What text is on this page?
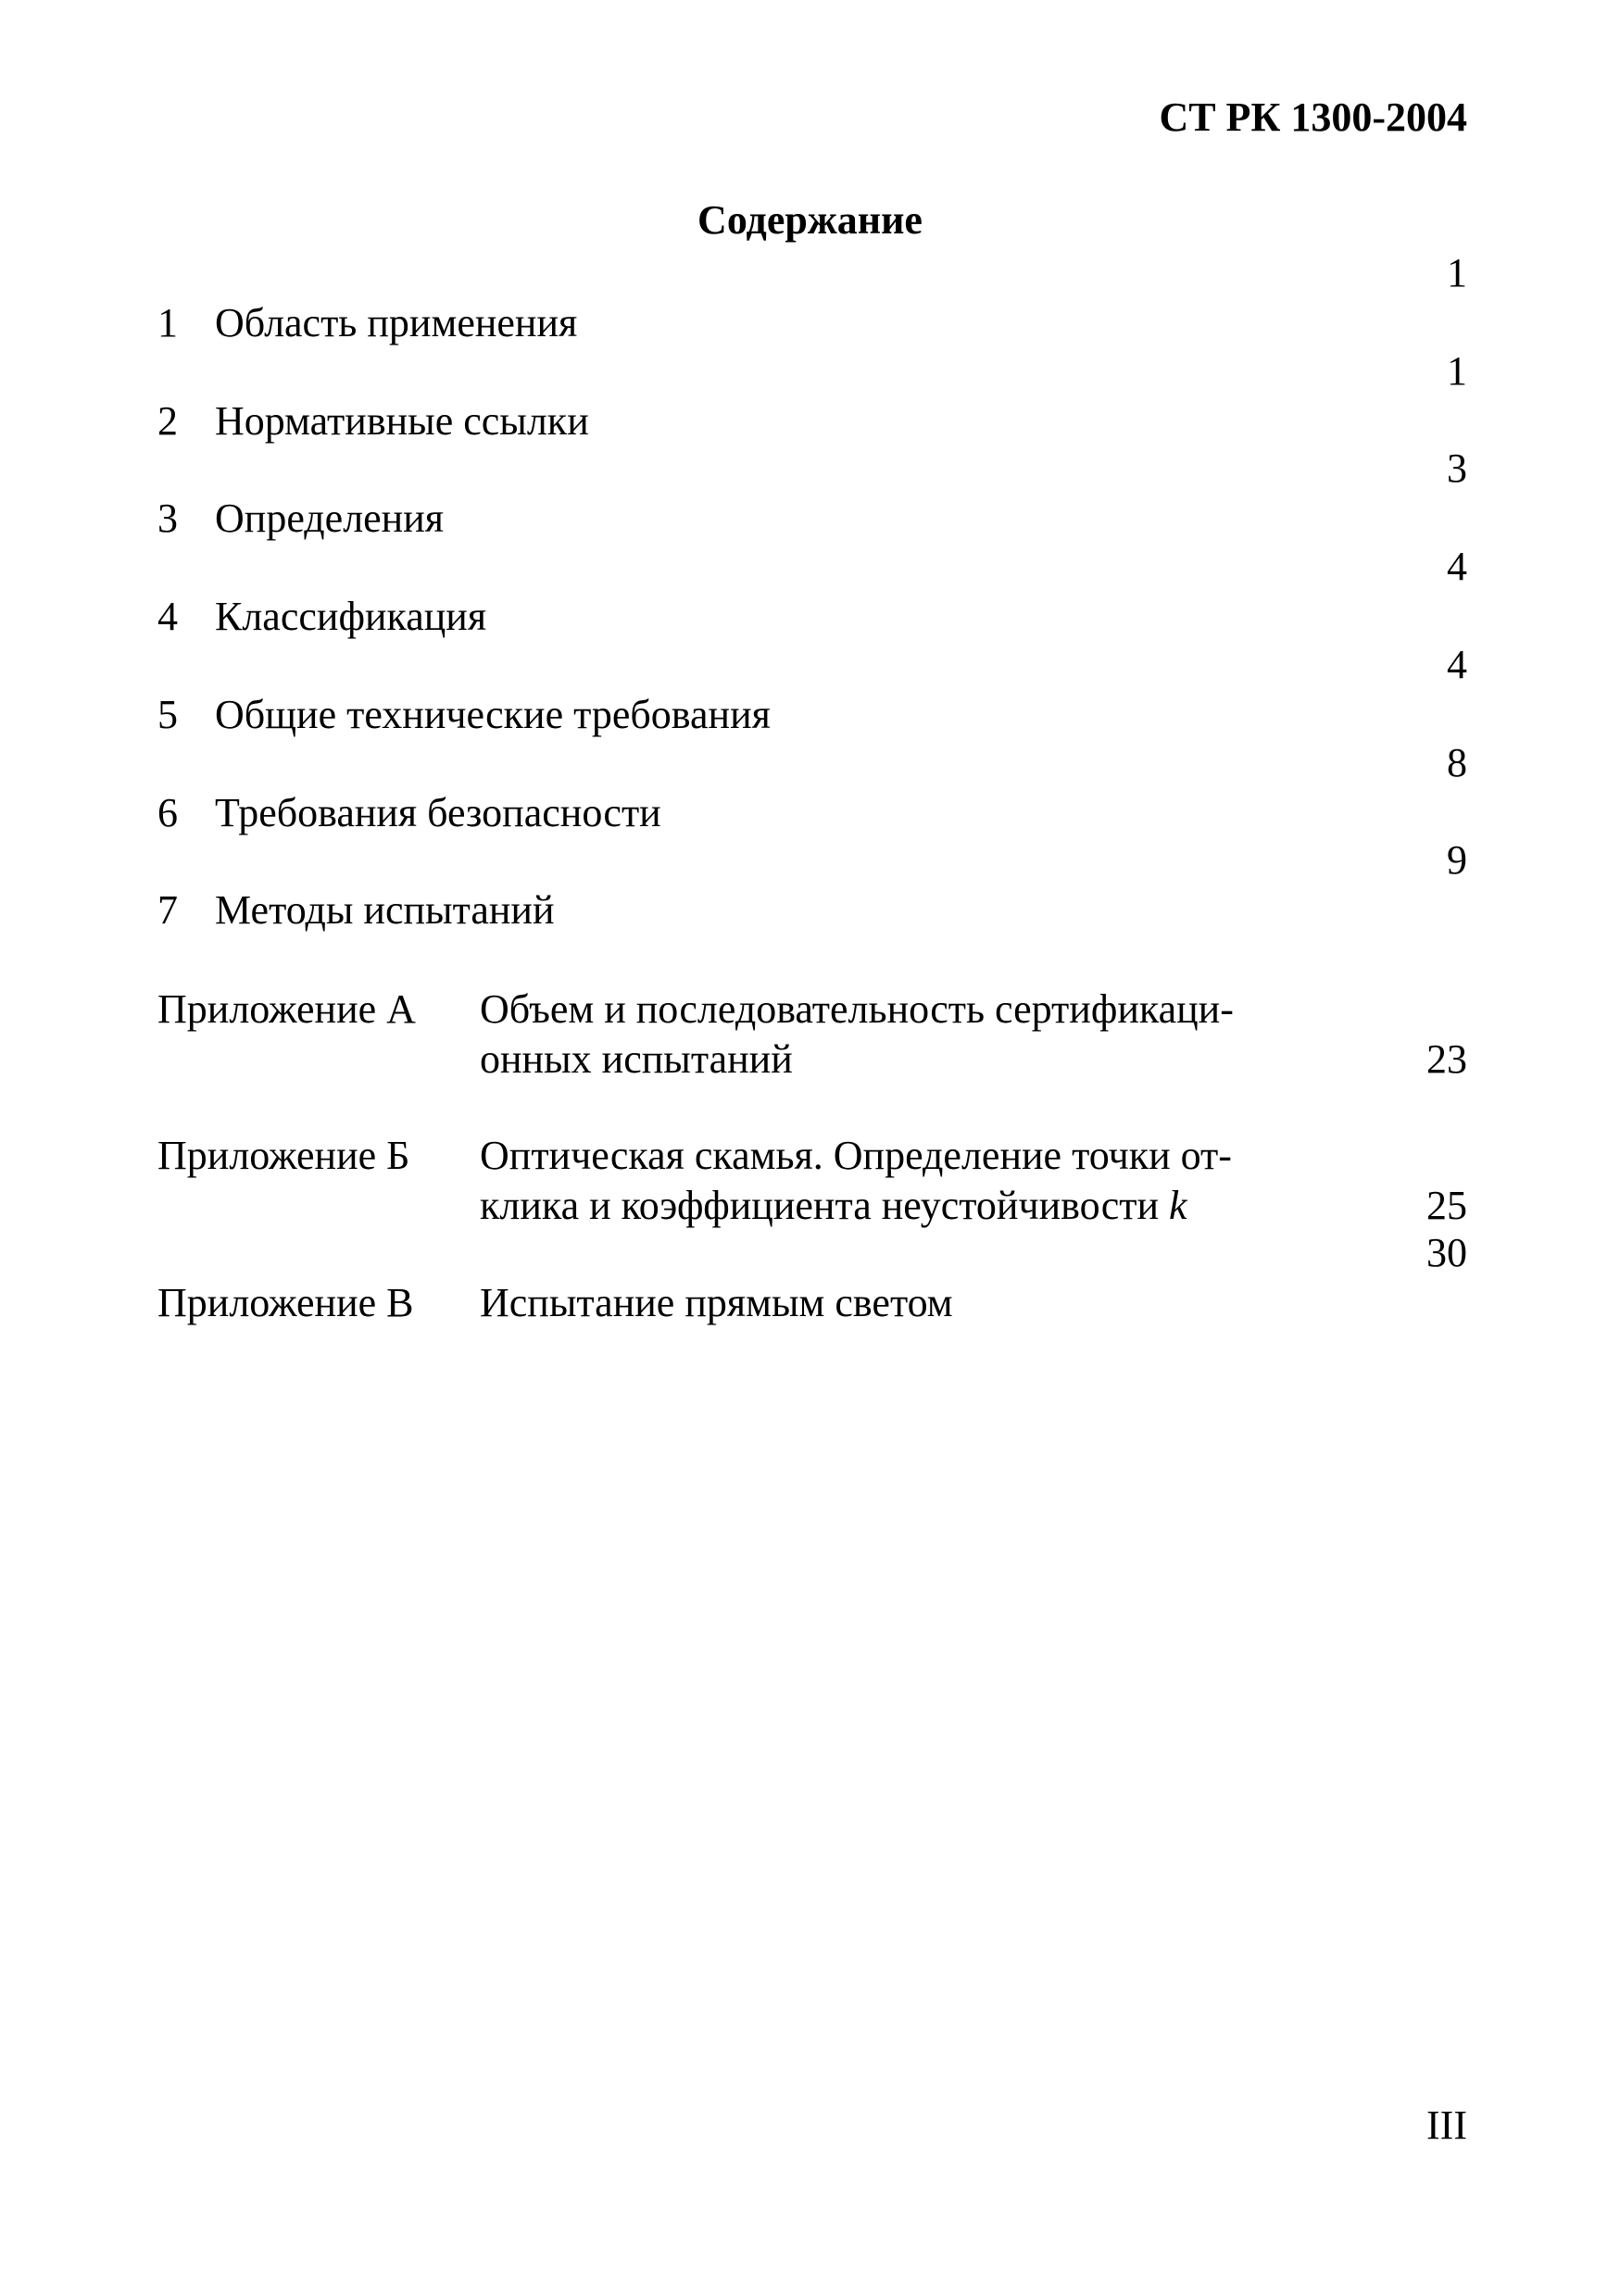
СТ РК 1300-2004
Содержание
1 Область применения
1
2 Нормативные ссылки
1
3 Определения
3
4 Классификация
4
5 Общие технические требования
4
6 Требования безопасности
8
7 Методы испытаний
9
Приложение А Объем и последовательность сертификаци-
онных испытаний	23
Приложение Б Оптическая скамья. Определение точки от-
клика и коэффициента неустойчивости k	25
Приложение В Испытание прямым светом
30
III
